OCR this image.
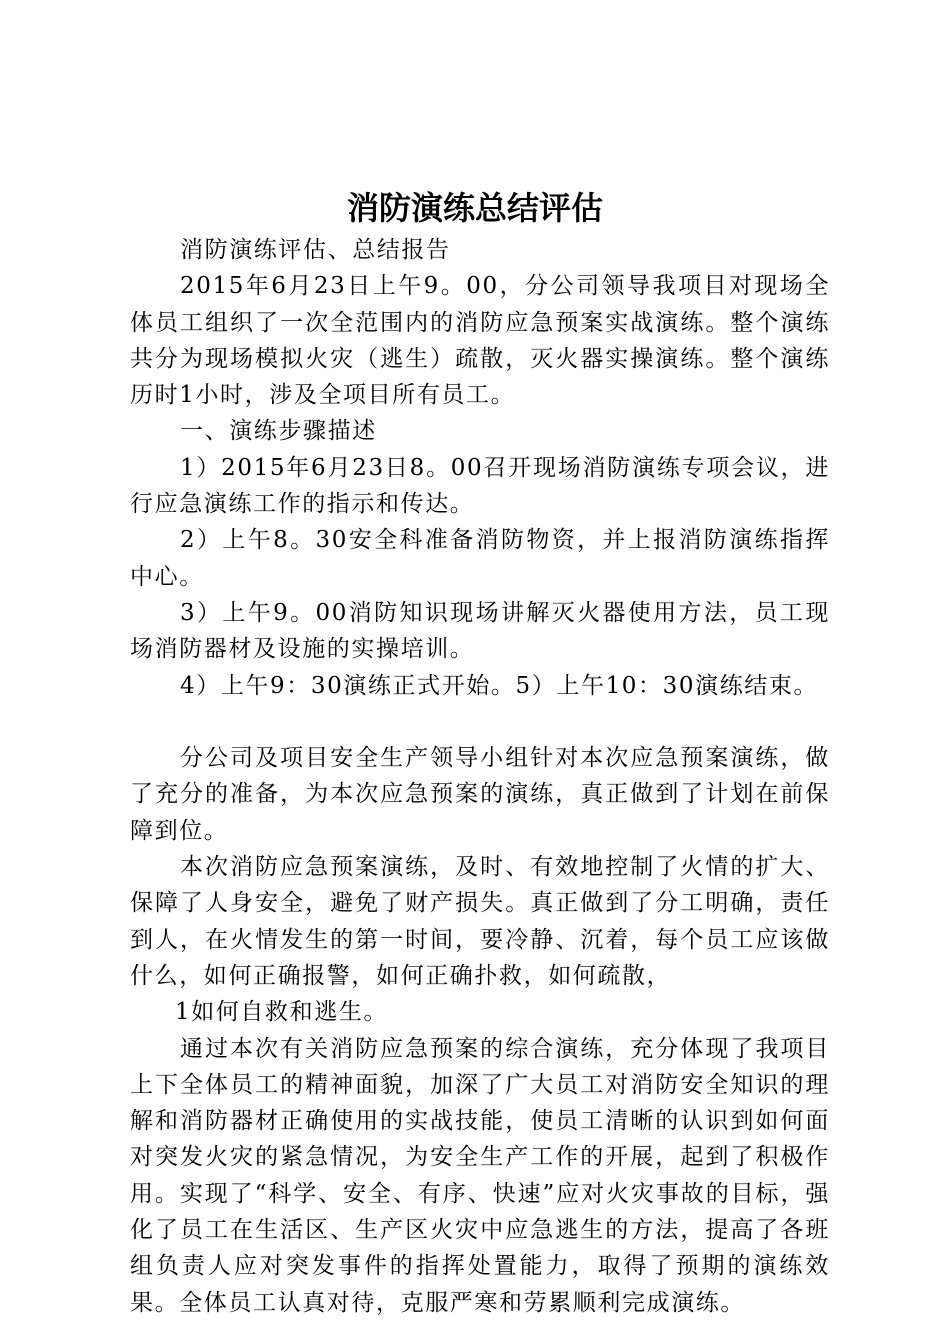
消防演练总结评估

消防演练评估、总结报告

2015年6月23日上午9。00，分公司领导我项目对现场全体员工组织了一次全范围内的消防应急预案实战演练。整个演练共分为现场模拟火灾（逃生）疏散，灭火器实操演练。整个演练历时1小时，涉及全项目所有员工。

一、演练步骤描述

1）2015年6月23日8。00召开现场消防演练专项会议，进行应急演练工作的指示和传达。

2）上午8。30安全科准备消防物资，并上报消防演练指挥中心。

3）上午9。00消防知识现场讲解灭火器使用方法，员工现场消防器材及设施的实操培训。

4）上午9：30演练正式开始。5）上午10：30演练结束。

分公司及项目安全生产领导小组针对本次应急预案演练，做了充分的准备，为本次应急预案的演练，真正做到了计划在前保障到位。

本次消防应急预案演练，及时、有效地控制了火情的扩大、保障了人身安全，避免了财产损失。真正做到了分工明确，责任到人，在火情发生的第一时间，要冷静、沉着，每个员工应该做什么，如何正确报警，如何正确扑救，如何疏散，

1如何自救和逃生。

通过本次有关消防应急预案的综合演练，充分体现了我项目上下全体员工的精神面貌，加深了广大员工对消防安全知识的理解和消防器材正确使用的实战技能，使员工清晰的认识到如何面对突发火灾的紧急情况，为安全生产工作的开展，起到了积极作用。实现了“科学、安全、有序、快速”应对火灾事故的目标，强化了员工在生活区、生产区火灾中应急逃生的方法，提高了各班组负责人应对突发事件的指挥处置能力，取得了预期的演练效果。全体员工认真对待，克服严寒和劳累顺利完成演练。
